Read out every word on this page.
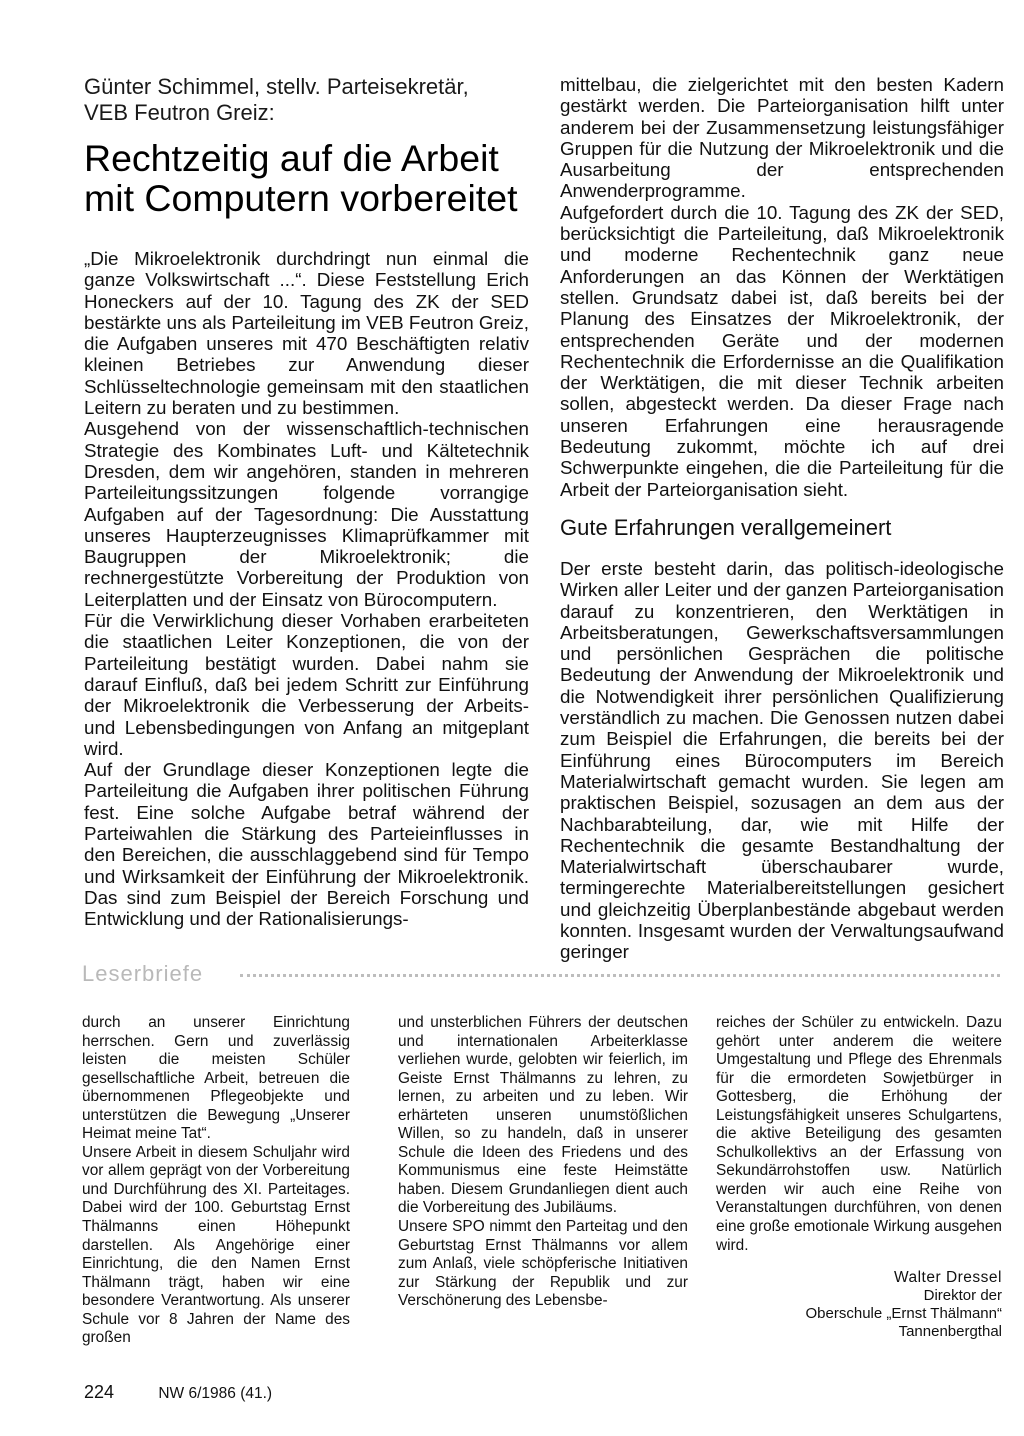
Günter Schimmel, stellv. Parteisekretär,
VEB Feutron Greiz:
Rechtzeitig auf die Arbeit
mit Computern vorbereitet

„Die Mikroelektronik durchdringt nun einmal die ganze Volkswirtschaft ...“. Diese Feststellung Erich Honeckers auf der 10. Tagung des ZK der SED bestärkte uns als Parteileitung im VEB Feutron Greiz, die Aufgaben unseres mit 470 Beschäftigten relativ kleinen Betriebes zur Anwendung dieser Schlüsseltechnologie gemeinsam mit den staatlichen Leitern zu beraten und zu bestimmen.

Ausgehend von der wissenschaftlich-technischen Strategie des Kombinates Luft- und Kältetechnik Dresden, dem wir angehören, standen in mehreren Parteileitungssitzungen folgende vorrangige Aufgaben auf der Tagesordnung: Die Ausstattung unseres Haupterzeugnisses Klimaprüfkammer mit Baugruppen der Mikroelektronik; die rechnergestützte Vorbereitung der Produktion von Leiterplatten und der Einsatz von Bürocomputern.

Für die Verwirklichung dieser Vorhaben erarbeiteten die staatlichen Leiter Konzeptionen, die von der Parteileitung bestätigt wurden. Dabei nahm sie darauf Einfluß, daß bei jedem Schritt zur Einführung der Mikroelektronik die Verbesserung der Arbeits- und Lebensbedingungen von Anfang an mitgeplant wird.

Auf der Grundlage dieser Konzeptionen legte die Parteileitung die Aufgaben ihrer politischen Führung fest. Eine solche Aufgabe betraf während der Parteiwahlen die Stärkung des Parteieinflusses in den Bereichen, die ausschlaggebend sind für Tempo und Wirksamkeit der Einführung der Mikroelektronik. Das sind zum Beispiel der Bereich Forschung und Entwicklung und der Rationalisierungs-

mittelbau, die zielgerichtet mit den besten Kadern gestärkt werden. Die Parteiorganisation hilft unter anderem bei der Zusammensetzung leistungsfähiger Gruppen für die Nutzung der Mikroelektronik und die Ausarbeitung der entsprechenden Anwenderprogramme.

Aufgefordert durch die 10. Tagung des ZK der SED, berücksichtigt die Parteileitung, daß Mikroelektronik und moderne Rechentechnik ganz neue Anforderungen an das Können der Werktätigen stellen. Grundsatz dabei ist, daß bereits bei der Planung des Einsatzes der Mikroelektronik, der entsprechenden Geräte und der modernen Rechentechnik die Erfordernisse an die Qualifikation der Werktätigen, die mit dieser Technik arbeiten sollen, abgesteckt werden. Da dieser Frage nach unseren Erfahrungen eine herausragende Bedeutung zukommt, möchte ich auf drei Schwerpunkte eingehen, die die Parteileitung für die Arbeit der Parteiorganisation sieht.

Gute Erfahrungen verallgemeinert

Der erste besteht darin, das politisch-ideologische Wirken aller Leiter und der ganzen Parteiorganisation darauf zu konzentrieren, den Werktätigen in Arbeitsberatungen, Gewerkschaftsversammlungen und persönlichen Gesprächen die politische Bedeutung der Anwendung der Mikroelektronik und die Notwendigkeit ihrer persönlichen Qualifizierung verständlich zu machen. Die Genossen nutzen dabei zum Beispiel die Erfahrungen, die bereits bei der Einführung eines Bürocomputers im Bereich Materialwirtschaft gemacht wurden. Sie legen am praktischen Beispiel, sozusagen an dem aus der Nachbarabteilung, dar, wie mit Hilfe der Rechentechnik die gesamte Bestandhaltung der Materialwirtschaft überschaubarer wurde, termingerechte Materialbereitstellungen gesichert und gleichzeitig Überplanbestände abgebaut werden konnten. Insgesamt wurden der Verwaltungsaufwand geringer

Leserbriefe

durch an unserer Einrichtung herrschen. Gern und zuverlässig leisten die meisten Schüler gesellschaftliche Arbeit, betreuen die übernommenen Pflegeobjekte und unterstützen die Bewegung „Unserer Heimat meine Tat“.

Unsere Arbeit in diesem Schuljahr wird vor allem geprägt von der Vorbereitung und Durchführung des XI. Parteitages. Dabei wird der 100. Geburtstag Ernst Thälmanns einen Höhepunkt darstellen. Als Angehörige einer Einrichtung, die den Namen Ernst Thälmann trägt, haben wir eine besondere Verantwortung. Als unserer Schule vor 8 Jahren der Name des großen

und unsterblichen Führers der deutschen und internationalen Arbeiterklasse verliehen wurde, gelobten wir feierlich, im Geiste Ernst Thälmanns zu lehren, zu lernen, zu arbeiten und zu leben. Wir erhärteten unseren unumstößlichen Willen, so zu handeln, daß in unserer Schule die Ideen des Friedens und des Kommunismus eine feste Heimstätte haben. Diesem Grundanliegen dient auch die Vorbereitung des Jubiläums.

Unsere SPO nimmt den Parteitag und den Geburtstag Ernst Thälmanns vor allem zum Anlaß, viele schöpferische Initiativen zur Stärkung der Republik und zur Verschönerung des Lebensbe-

reiches der Schüler zu entwickeln. Dazu gehört unter anderem die weitere Umgestaltung und Pflege des Ehrenmals für die ermordeten Sowjetbürger in Gottesberg, die Erhöhung der Leistungsfähigkeit unseres Schulgartens, die aktive Beteiligung des gesamten Schulkollektivs an der Erfassung von Sekundärrohstoffen usw. Natürlich werden wir auch eine Reihe von Veranstaltungen durchführen, von denen eine große emotionale Wirkung ausgehen wird.

Walter Dressel
Direktor der
Oberschule „Ernst Thälmann“
Tannenbergthal
224	NW 6/1986 (41.)
